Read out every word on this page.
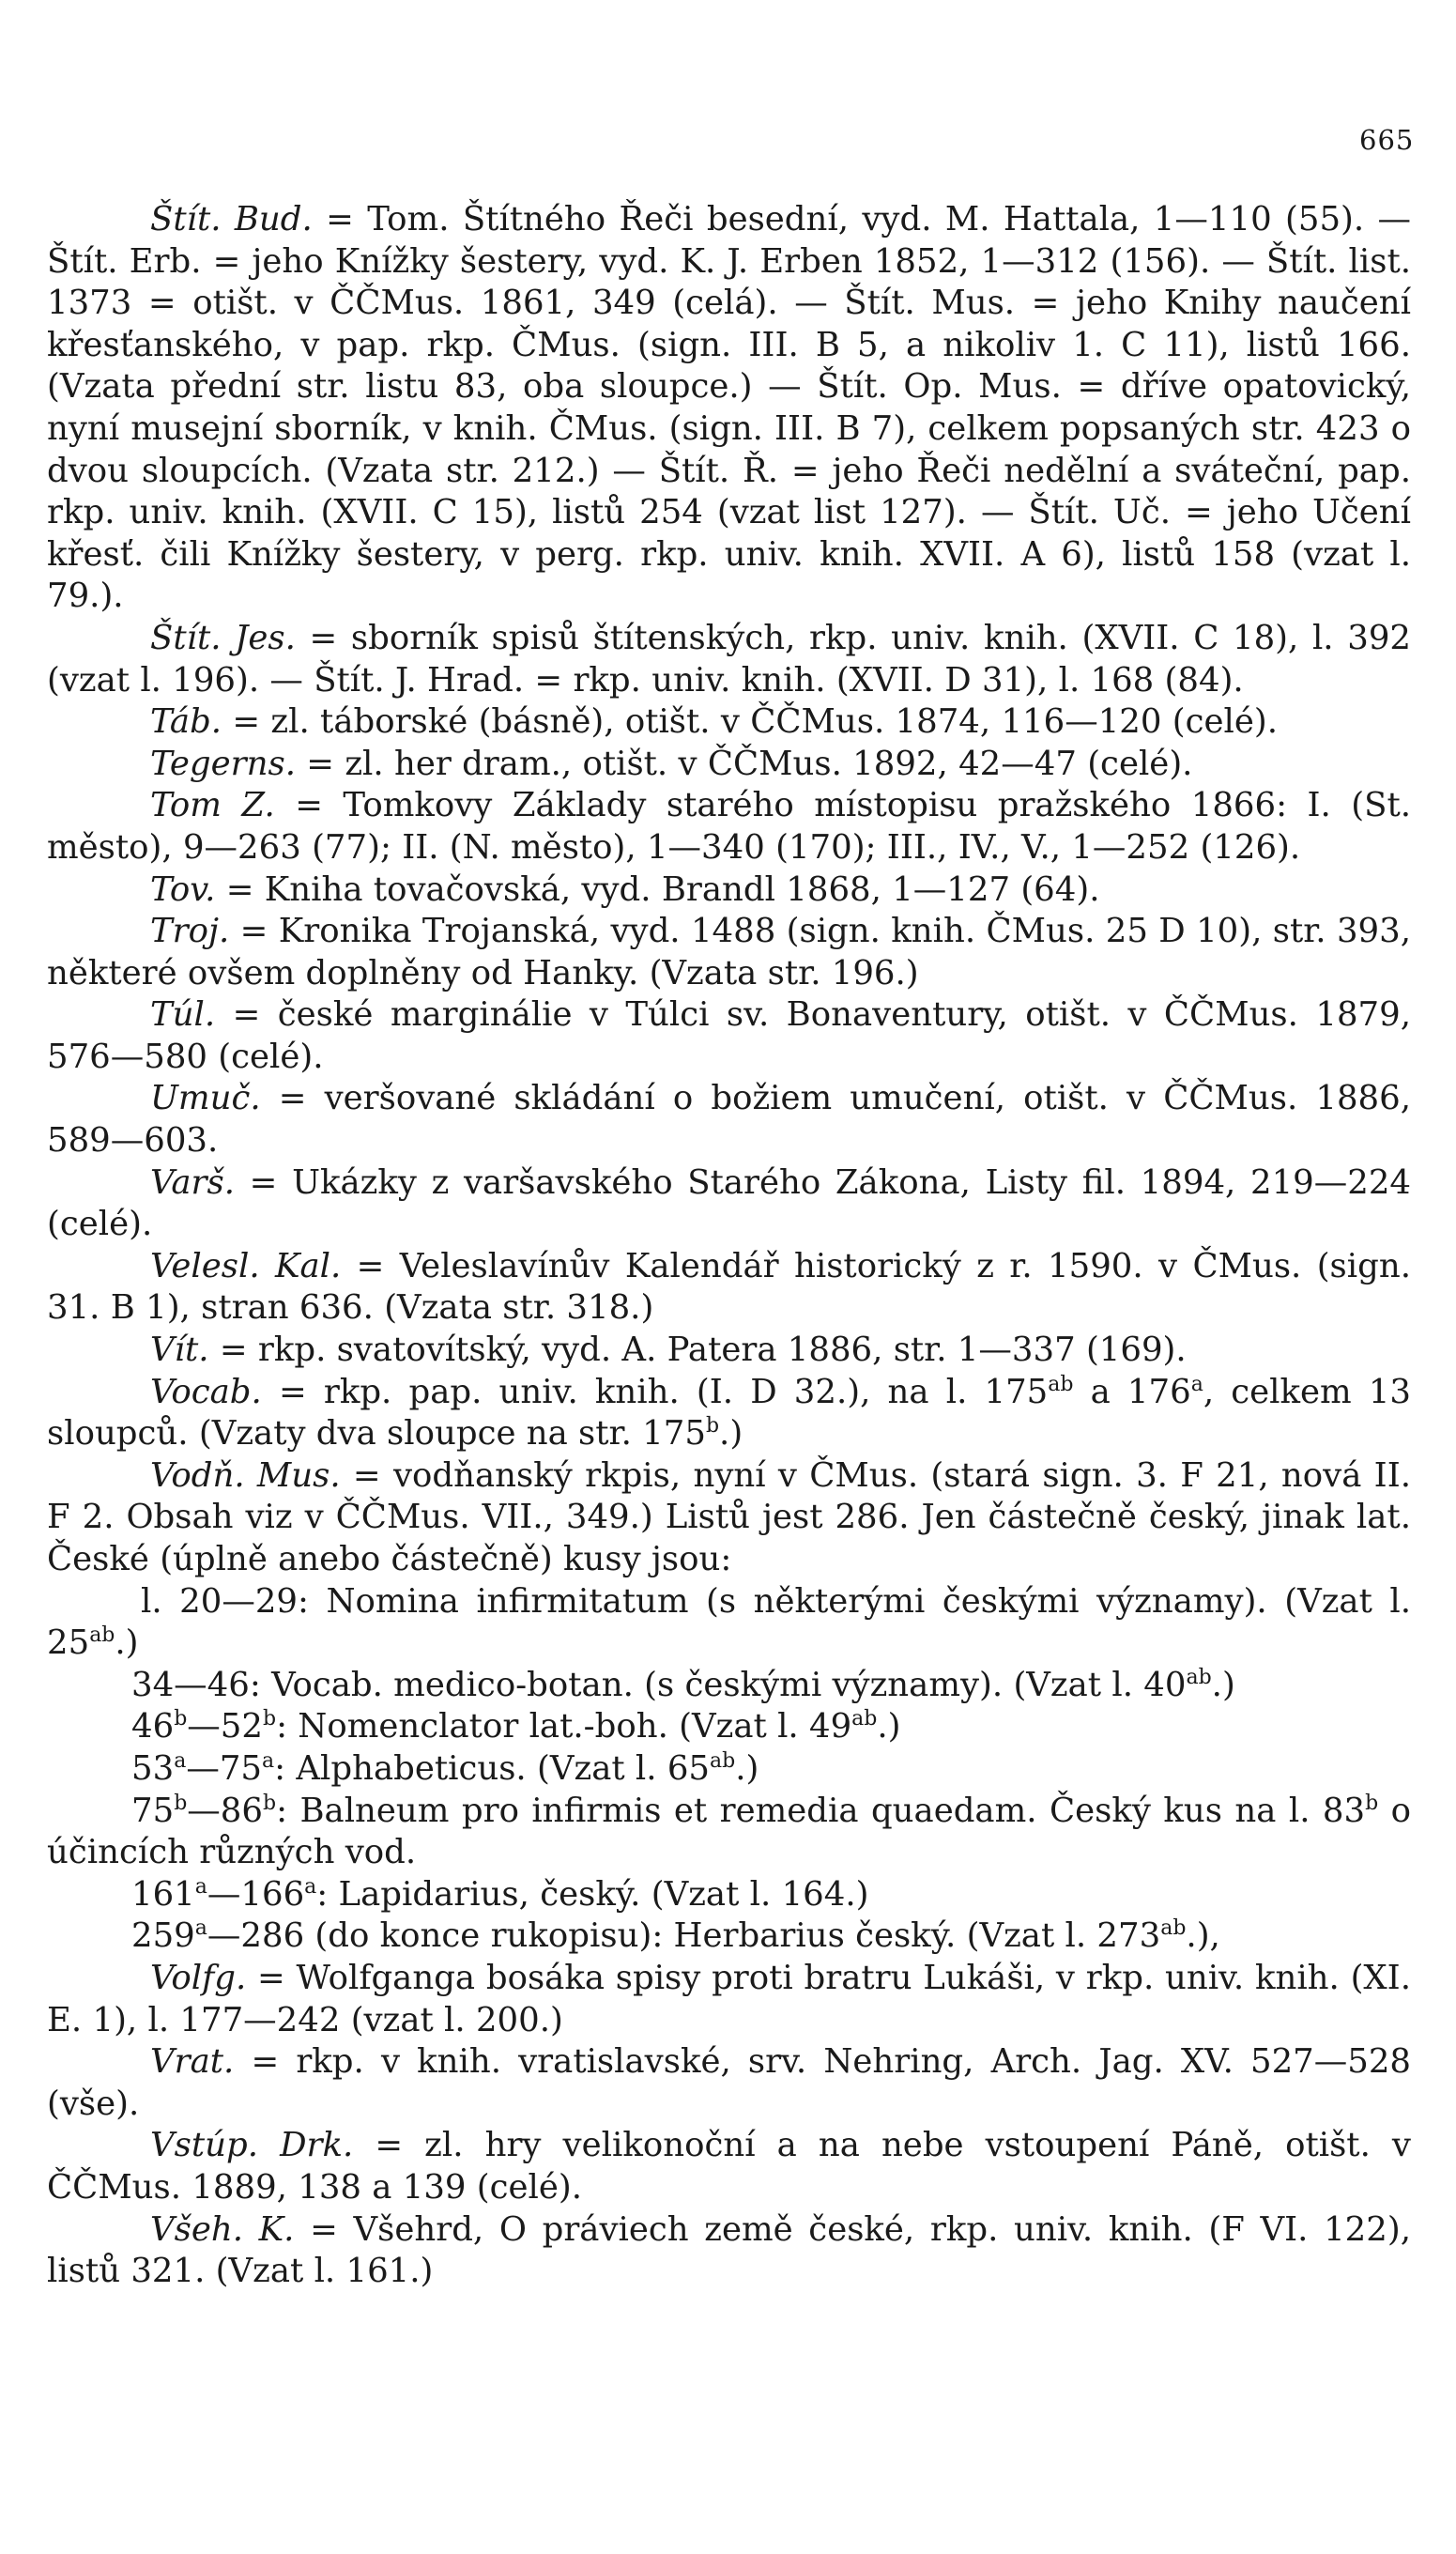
665

Štít. Bud. = Tom. Štítného Řeči besední, vyd. M. Hattala, 1—110 (55). — Štít. Erb. = jeho Knížky šestery, vyd. K. J. Erben 1852, 1—312 (156). — Štít. list. 1373 = otišt. v ČČMus. 1861, 349 (celá). — Štít. Mus. = jeho Knihy naučení křesťanského, v pap. rkp. ČMus. (sign. III. B 5, a nikoliv 1. C 11), listů 166. (Vzata přední str. listu 83, oba sloupce.) — Štít. Op. Mus. = dříve opatovický, nyní musejní sborník, v knih. ČMus. (sign. III. B 7), celkem popsaných str. 423 o dvou sloupcích. (Vzata str. 212.) — Štít. Ř. = jeho Řeči nedělní a sváteční, pap. rkp. univ. knih. (XVII. C 15), listů 254 (vzat list 127). — Štít. Uč. = jeho Učení křesť. čili Knížky šestery, v perg. rkp. univ. knih. XVII. A 6), listů 158 (vzat l. 79.).

Štít. Jes. = sborník spisů štítenských, rkp. univ. knih. (XVII. C 18), l. 392 (vzat l. 196). — Štít. J. Hrad. = rkp. univ. knih. (XVII. D 31), l. 168 (84).

Táb. = zl. táborské (básně), otišt. v ČČMus. 1874, 116—120 (celé).

Tegerns. = zl. her dram., otišt. v ČČMus. 1892, 42—47 (celé).

Tom Z. = Tomkovy Základy starého místopisu pražského 1866: I. (St. město), 9—263 (77); II. (N. město), 1—340 (170); III., IV., V., 1—252 (126).

Tov. = Kniha tovačovská, vyd. Brandl 1868, 1—127 (64).

Troj. = Kronika Trojanská, vyd. 1488 (sign. knih. ČMus. 25 D 10), str. 393, některé ovšem doplněny od Hanky. (Vzata str. 196.)

Túl. = české marginálie v Túlci sv. Bonaventury, otišt. v ČČMus. 1879, 576—580 (celé).

Umuč. = veršované skládání o božiem umučení, otišt. v ČČMus. 1886, 589—603.

Varš. = Ukázky z varšavského Starého Zákona, Listy fil. 1894, 219—224 (celé).

Velesl. Kal. = Veleslavínův Kalendář historický z r. 1590. v ČMus. (sign. 31. B 1), stran 636. (Vzata str. 318.)

Vít. = rkp. svatovítský, vyd. A. Patera 1886, str. 1—337 (169).

Vocab. = rkp. pap. univ. knih. (I. D 32.), na l. $175^{ab}$ a 176$^a$, celkem 13 sloupců. (Vzaty dva sloupce na str. 175$^b$.)

Vodň. Mus. = vodňanský rkpis, nyní v ČMus. (stará sign. 3. F 21, nová II. F 2. Obsah viz v ČČMus. VII., 349.) Listů jest 286. Jen částečně český, jinak lat. České (úplně anebo částečně) kusy jsou:

l. 20—29: Nomina infirmitatum (s některými českými významy). (Vzat l. $25^{ab}$.)

34—46: Vocab. medico-botan. (s českými významy). (Vzat l. $40^{ab}$.)

46$^b$—52$^b$: Nomenclator lat.-boh. (Vzat l. $49^{ab}$.)

53$^a$—75$^a$: Alphabeticus. (Vzat l. $65^{ab}$.)

75$^b$—86$^b$: Balneum pro infirmis et remedia quaedam. Český kus na l. 83$^b$ o účincích různých vod.

161$^a$—166$^a$: Lapidarius, český. (Vzat l. 164.)

259$^a$—286 (do konce rukopisu): Herbarius český. (Vzat l. $273^{ab}$.),

Volfg. = Wolfganga bosáka spisy proti bratru Lukáši, v rkp. univ. knih. (XI. E. 1), l. 177—242 (vzat l. 200.)

Vrat. = rkp. v knih. vratislavské, srv. Nehring, Arch. Jag. XV. 527—528 (vše).

Vstúp. Drk. = zl. hry velikonoční a na nebe vstoupení Páně, otišt. v ČČMus. 1889, 138 a 139 (celé).

Všeh. K. = Všehrd, O práviech země české, rkp. univ. knih. (F VI. 122), listů 321. (Vzat l. 161.)
